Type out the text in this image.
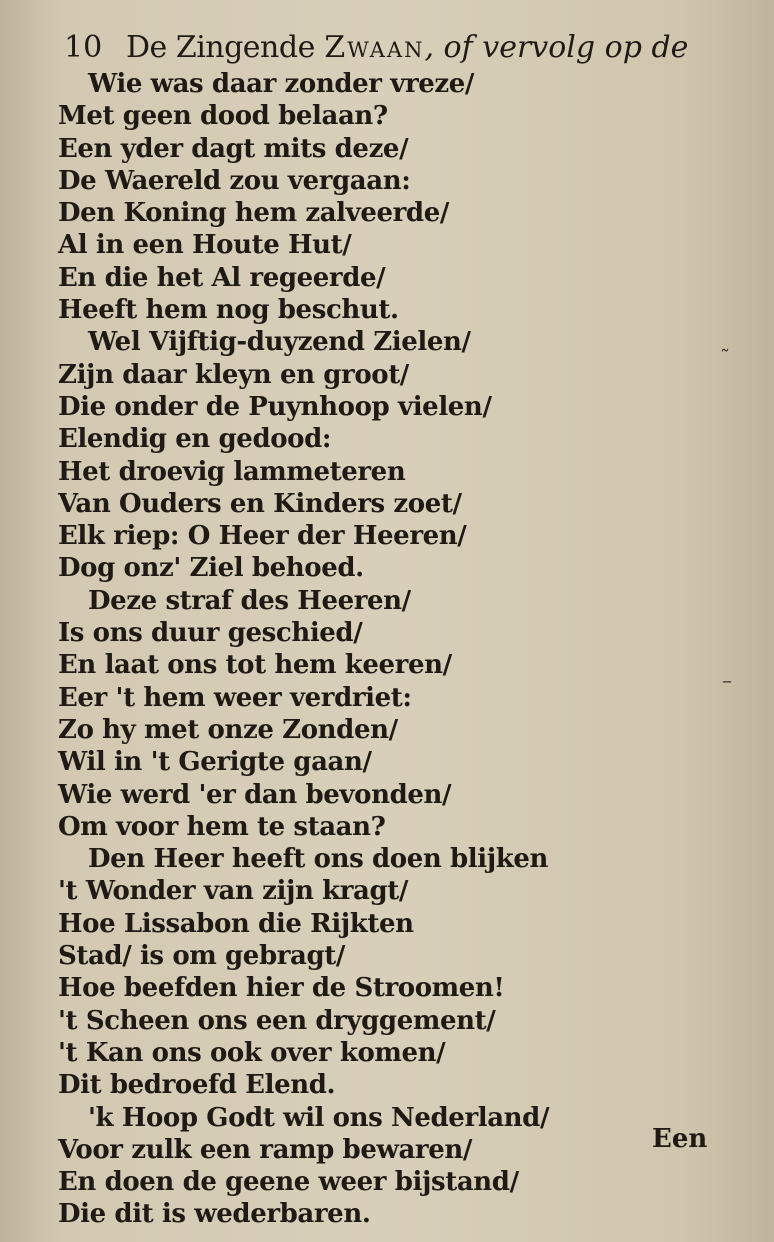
10 De Zingende Zwaan, of vervolg op de
Wie was daar zonder vreze/
Met geen dood belaan?
Een yder dagt mits deze/
De Waereld zou vergaan:
Den Koning hem zalveerde/
Al in een Houte Hut/
En die het Al regeerde/
Heeft hem nog beschut.
Wel Vijftig-duyzend Zielen/
Zijn daar kleyn en groot/
Die onder de Puynhoop vielen/
Elendig en gedood:
Het droevig lammeteren
Van Ouders en Kinders zoet/
Elk riep: O Heer der Heeren/
Dog onz' Ziel behoed.
Deze straf des Heeren/
Is ons duur geschied/
En laat ons tot hem keeren/
Eer 't hem weer verdriet:
Zo hy met onze Zonden/
Wil in 't Gerigte gaan/
Wie werd 'er dan bevonden/
Om voor hem te staan?
Den Heer heeft ons doen blijken
't Wonder van zijn kragt/
Hoe Lissabon die Rijkten
Stad/ is om gebragt/
Hoe beefden hier de Stroomen!
't Scheen ons een dryggement/
't Kan ons ook over komen/
Dit bedroefd Elend.
'k Hoop Godt wil ons Nederland/
Voor zulk een ramp bewaren/
En doen de geene weer bijstand/
Die dit is wederbaren.
Een
˜
–
